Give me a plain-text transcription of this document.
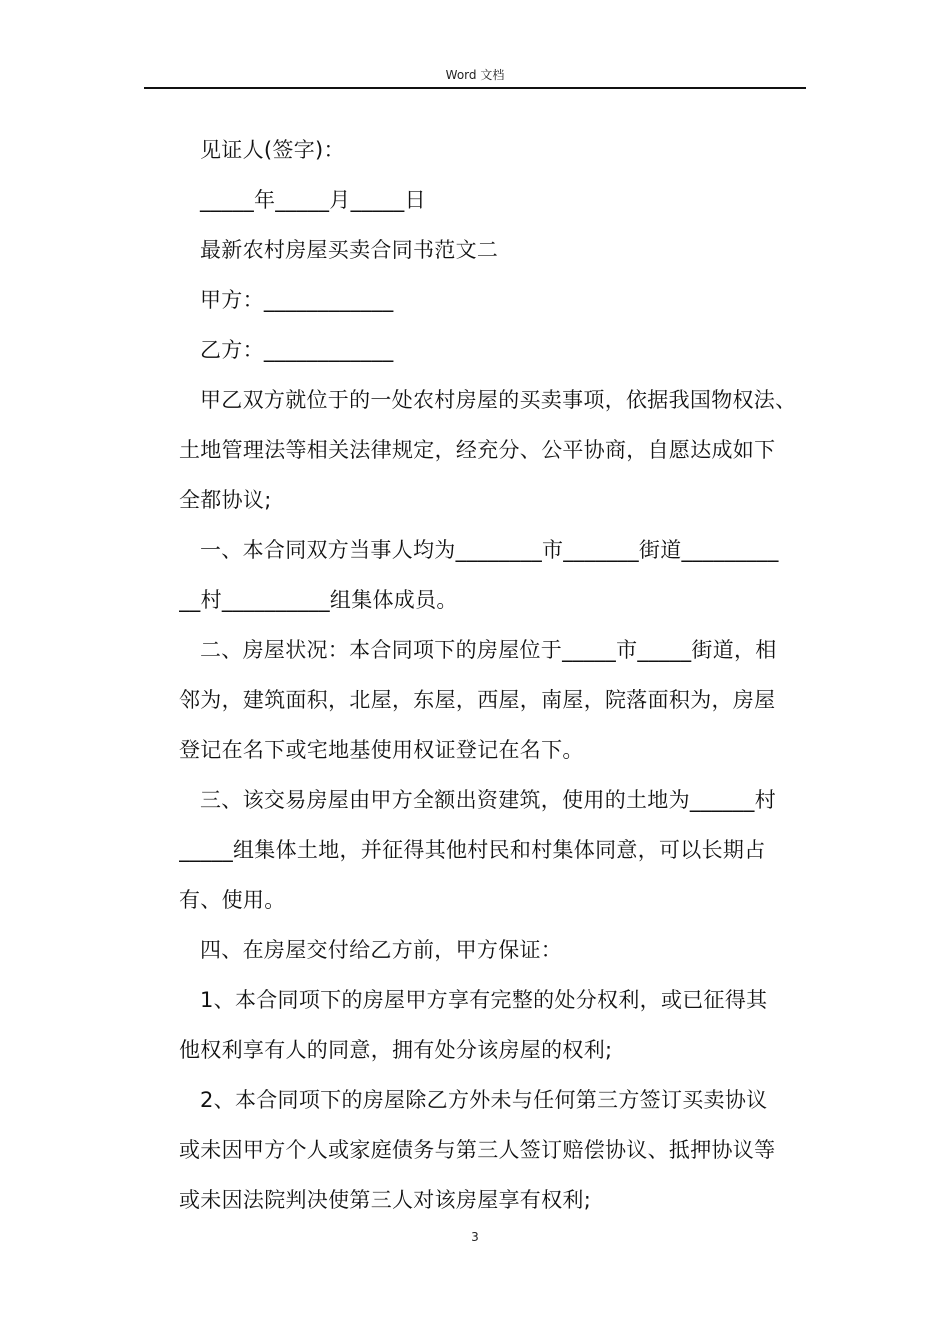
Word 文档

见证人(签字)：

_____年_____月_____日

最新农村房屋买卖合同书范文二

甲方：____________

乙方：____________

甲乙双方就位于的一处农村房屋的买卖事项，依据我国物权法、

土地管理法等相关法律规定，经充分、公平协商，自愿达成如下

全都协议;

一、本合同双方当事人均为________市_______街道_________

__村__________组集体成员。

二、房屋状况：本合同项下的房屋位于_____市_____街道，相

邻为，建筑面积，北屋，东屋，西屋，南屋，院落面积为，房屋

登记在名下或宅地基使用权证登记在名下。

三、该交易房屋由甲方全额出资建筑，使用的土地为______村

_____组集体土地，并征得其他村民和村集体同意，可以长期占

有、使用。

四、在房屋交付给乙方前，甲方保证：

1、本合同项下的房屋甲方享有完整的处分权利，或已征得其

他权利享有人的同意，拥有处分该房屋的权利;

2、本合同项下的房屋除乙方外未与任何第三方签订买卖协议

或未因甲方个人或家庭债务与第三人签订赔偿协议、抵押协议等

或未因法院判决使第三人对该房屋享有权利;

3
